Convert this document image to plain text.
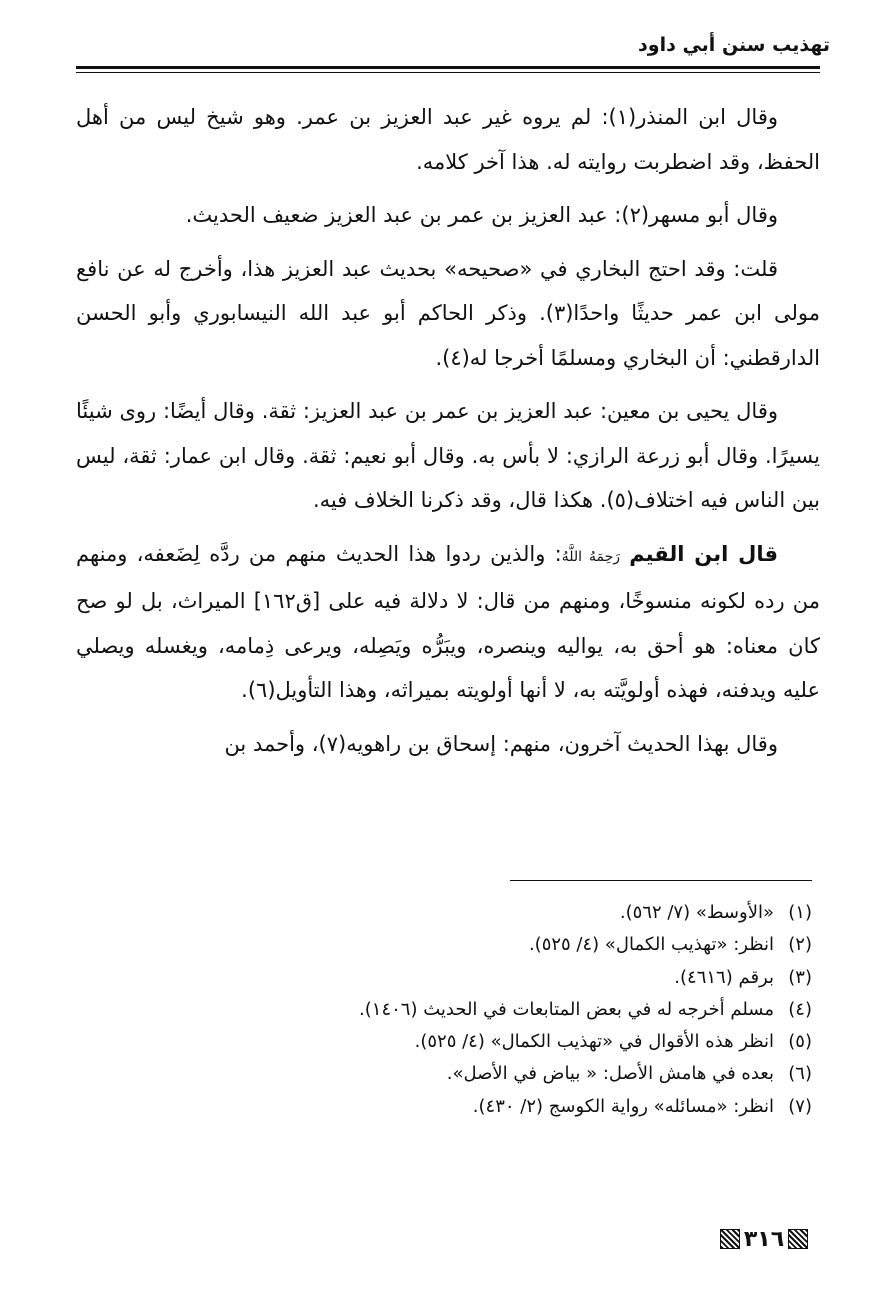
تهذيب سنن أبي داود

وقال ابن المنذر(١): لم يروه غير عبد العزيز بن عمر. وهو شيخ ليس من أهل الحفظ، وقد اضطربت روايته له. هذا آخر كلامه.

وقال أبو مسهر(٢): عبد العزيز بن عمر بن عبد العزيز ضعيف الحديث.

قلت: وقد احتج البخاري في «صحيحه» بحديث عبد العزيز هذا، وأخرج له عن نافع مولى ابن عمر حديثًا واحدًا(٣). وذكر الحاكم أبو عبد الله النيسابوري وأبو الحسن الدارقطني: أن البخاري ومسلمًا أخرجا له(٤).

وقال يحيى بن معين: عبد العزيز بن عمر بن عبد العزيز: ثقة. وقال أيضًا: روى شيئًا يسيرًا. وقال أبو زرعة الرازي: لا بأس به. وقال أبو نعيم: ثقة. وقال ابن عمار: ثقة، ليس بين الناس فيه اختلاف(٥). هكذا قال، وقد ذكرنا الخلاف فيه.

قال ابن القيم رَحِمَهُ اللَّهُ: والذين ردوا هذا الحديث منهم من ردَّه لِضَعفه، ومنهم من رده لكونه منسوخًا، ومنهم من قال: لا دلالة فيه على [ق١٦٢] الميراث، بل لو صح كان معناه: هو أحق به، يواليه وينصره، ويبَرُّه ويَصِله، ويرعى ذِمامه، ويغسله ويصلي عليه ويدفنه، فهذه أولويَّته به، لا أنها أولويته بميراثه، وهذا التأويل(٦).

وقال بهذا الحديث آخرون، منهم: إسحاق بن راهويه(٧)، وأحمد بن

(١)«الأوسط» (٧/ ٥٦٢).
(٢)انظر: «تهذيب الكمال» (٤/ ٥٢٥).
(٣)برقم (٤٦١٦).
(٤)مسلم أخرجه له في بعض المتابعات في الحديث (١٤٠٦).
(٥)انظر هذه الأقوال في «تهذيب الكمال» (٤/ ٥٢٥).
(٦)بعده في هامش الأصل: « بياض في الأصل».
(٧)انظر: «مسائله» رواية الكوسج (٢/ ٤٣٠).
٣١٦
